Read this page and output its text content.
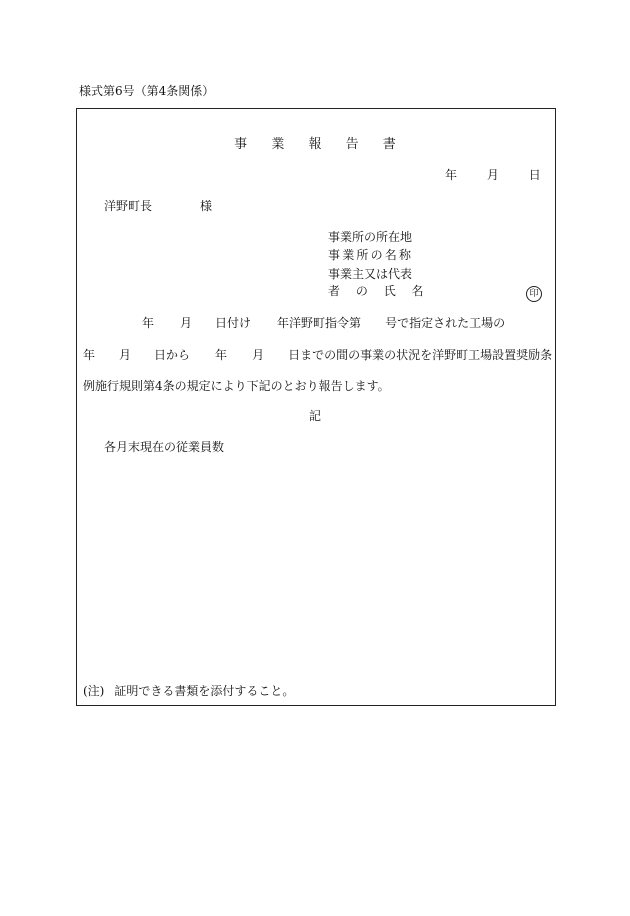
様式第6号（第4条関係）
事 業 報 告 書
年 月 日
洋野町長	様
事業所の所在地
事業所の名称
事業主又は代表
者 の 氏 名	印
年 月 日付け 年洋野町指令第 号で指定された工場の
年 月 日から 年 月 日までの間の事業の状況を洋野町工場設置奨励条
例施行規則第4条の規定により下記のとおり報告します。
記
各月末現在の従業員数
(注) 証明できる書類を添付すること。
